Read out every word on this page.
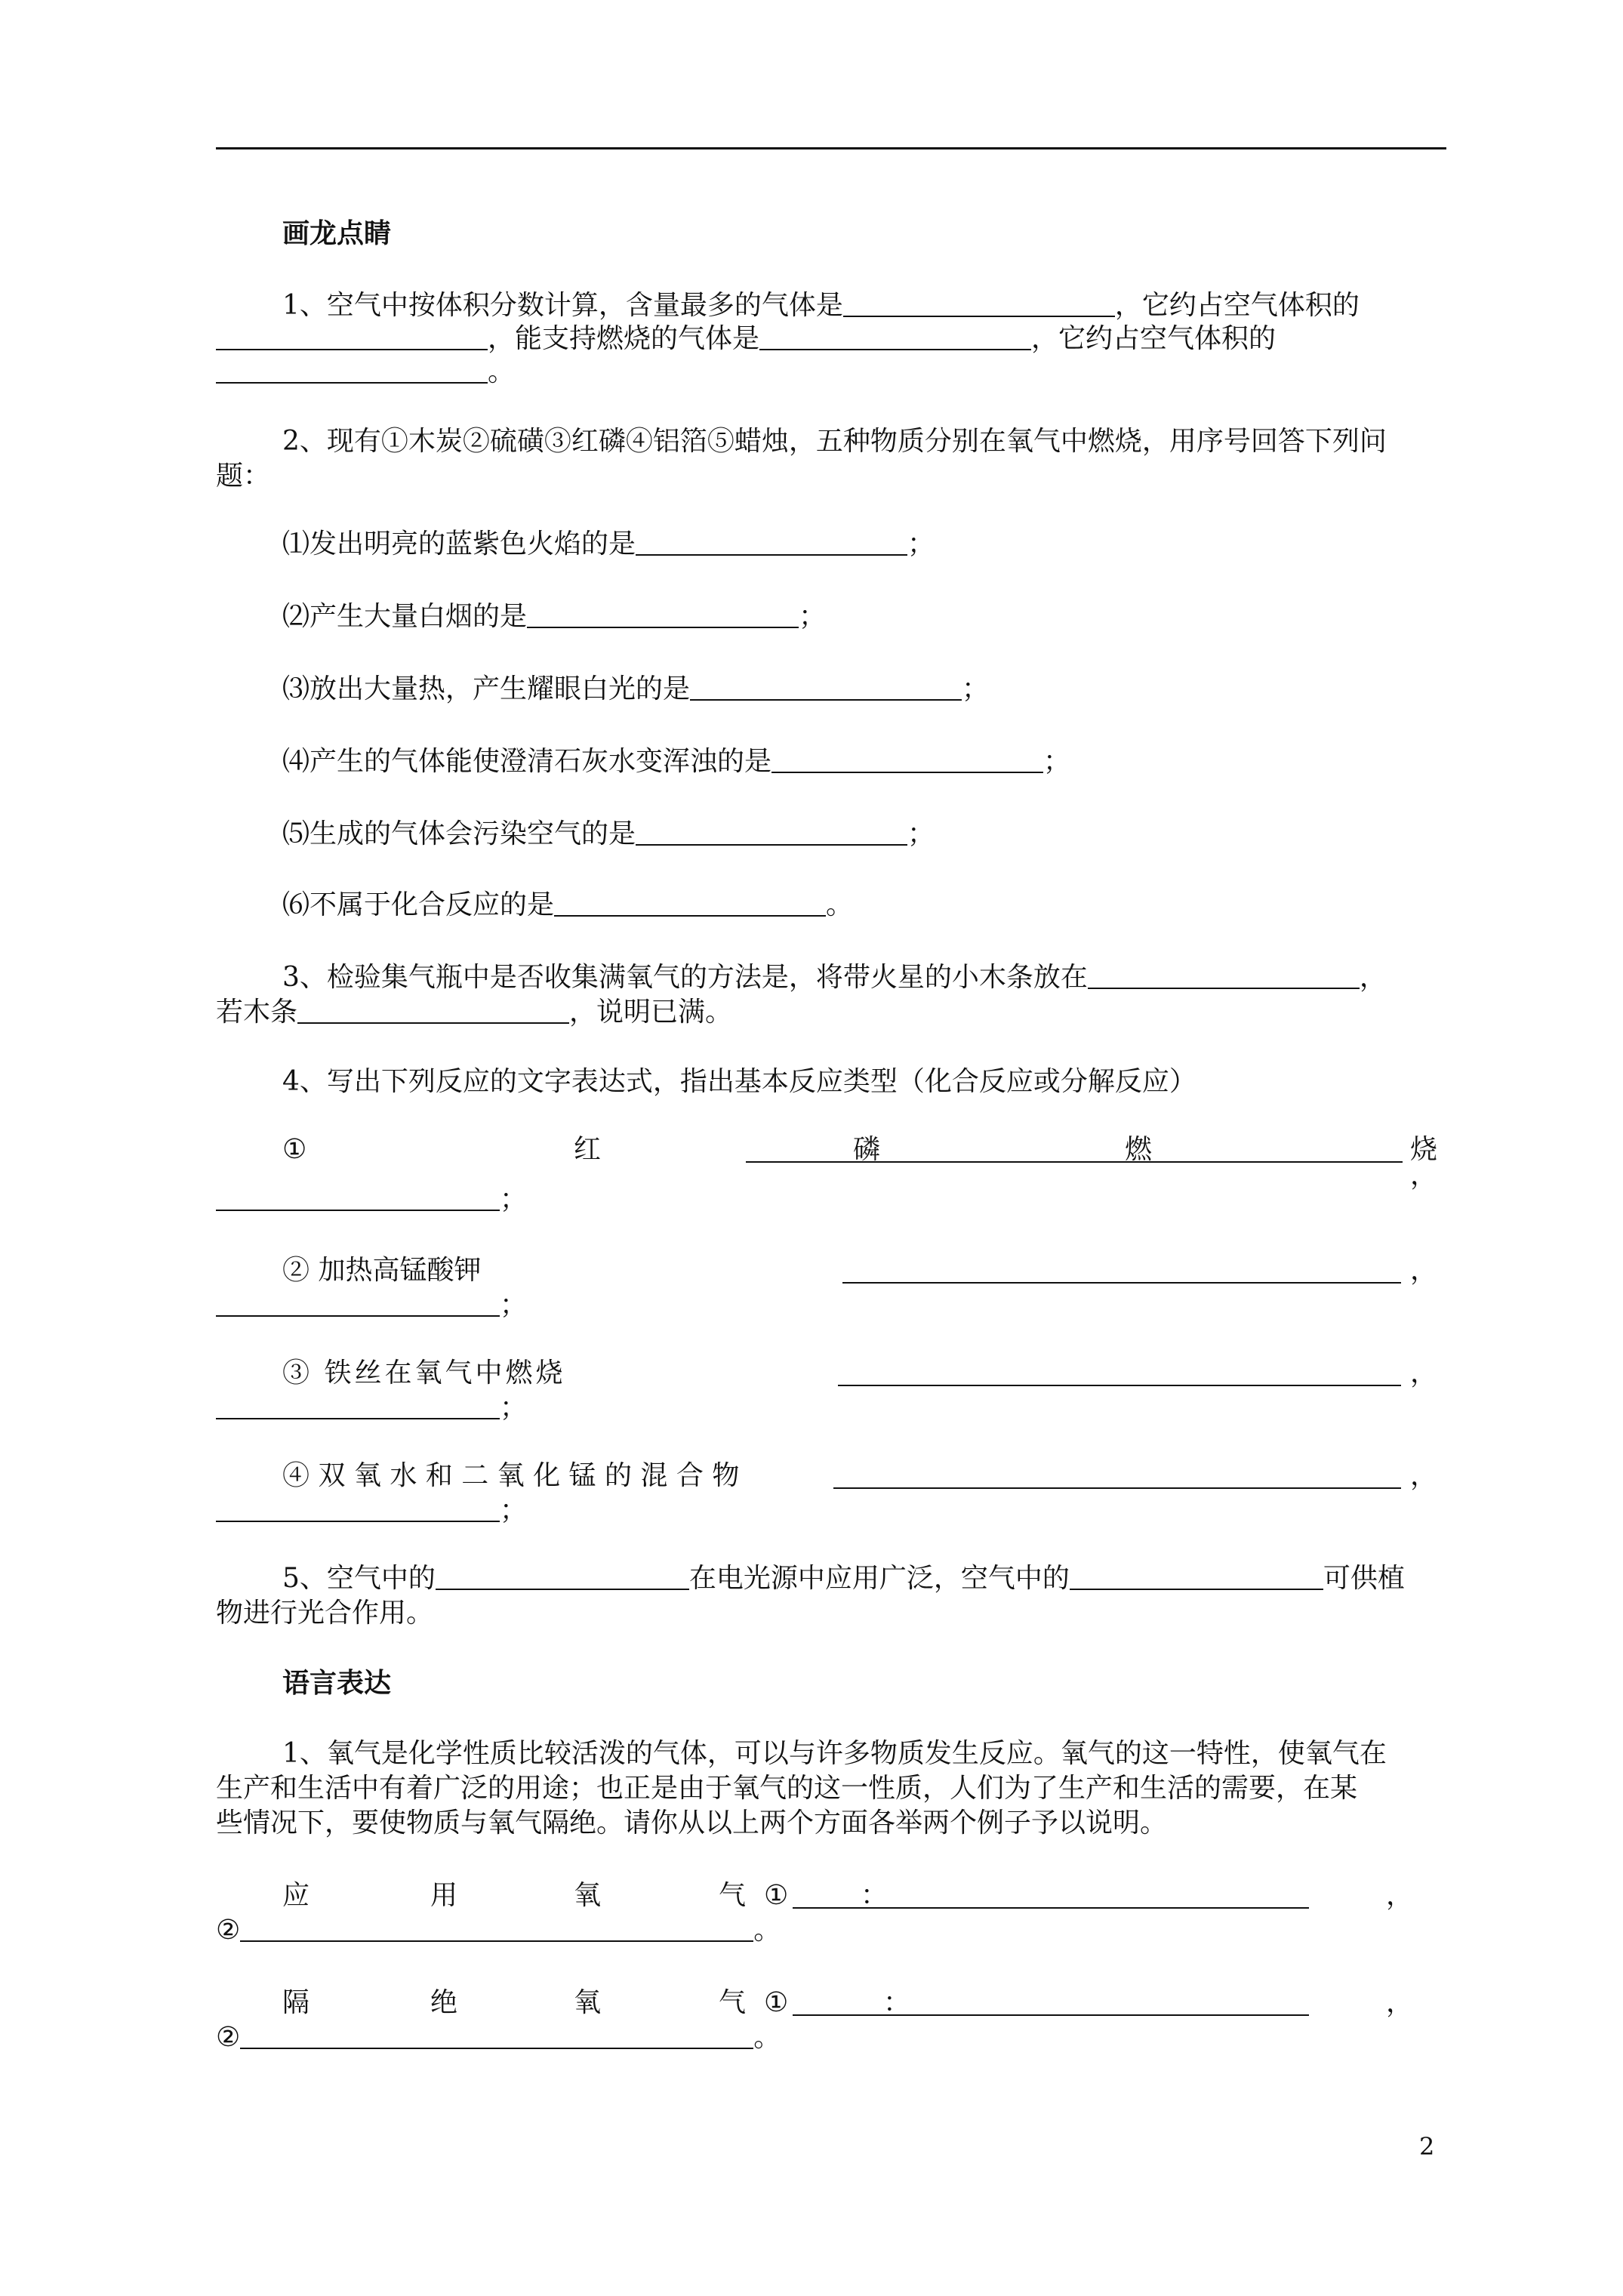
画龙点睛
1、空气中按体积分数计算，含量最多的气体是	，它约占空气体积的
，能支持燃烧的气体是	，它约占空气体积的
。
2、现有①木炭②硫磺③红磷④铝箔⑤蜡烛，五种物质分别在氧气中燃烧，用序号回答下列问
题：
⑴发出明亮的蓝紫色火焰的是	；
⑵产生大量白烟的是	；
⑶放出大量热，产生耀眼白光的是	；
⑷产生的气体能使澄清石灰水变浑浊的是	；
⑸生成的气体会污染空气的是	；
⑹不属于化合反应的是	。
3、检验集气瓶中是否收集满氧气的方法是，将带火星的小木条放在	，
若木条	，说明已满。
4、写出下列反应的文字表达式，指出基本反应类型（化合反应或分解反应）
①	红	磷	燃	烧
，
；
② 加热高锰酸钾	，
；
③ 铁丝在氧气中燃烧	，
；
④ 双 氧 水 和 二 氧 化 锰 的 混 合 物	，
；
5、空气中的	在电光源中应用广泛，空气中的	可供植
物进行光合作用。
语言表达
1、氧气是化学性质比较活泼的气体，可以与许多物质发生反应。氧气的这一特性，使氧气在
生产和生活中有着广泛的用途；也正是由于氧气的这一性质，人们为了生产和生活的需要，在某
些情况下，要使物质与氧气隔绝。请你从以上两个方面各举两个例子予以说明。
应	用	氧	气	：
①	，
②	。
隔	绝	氧	气	：
①	，
②	。
2
